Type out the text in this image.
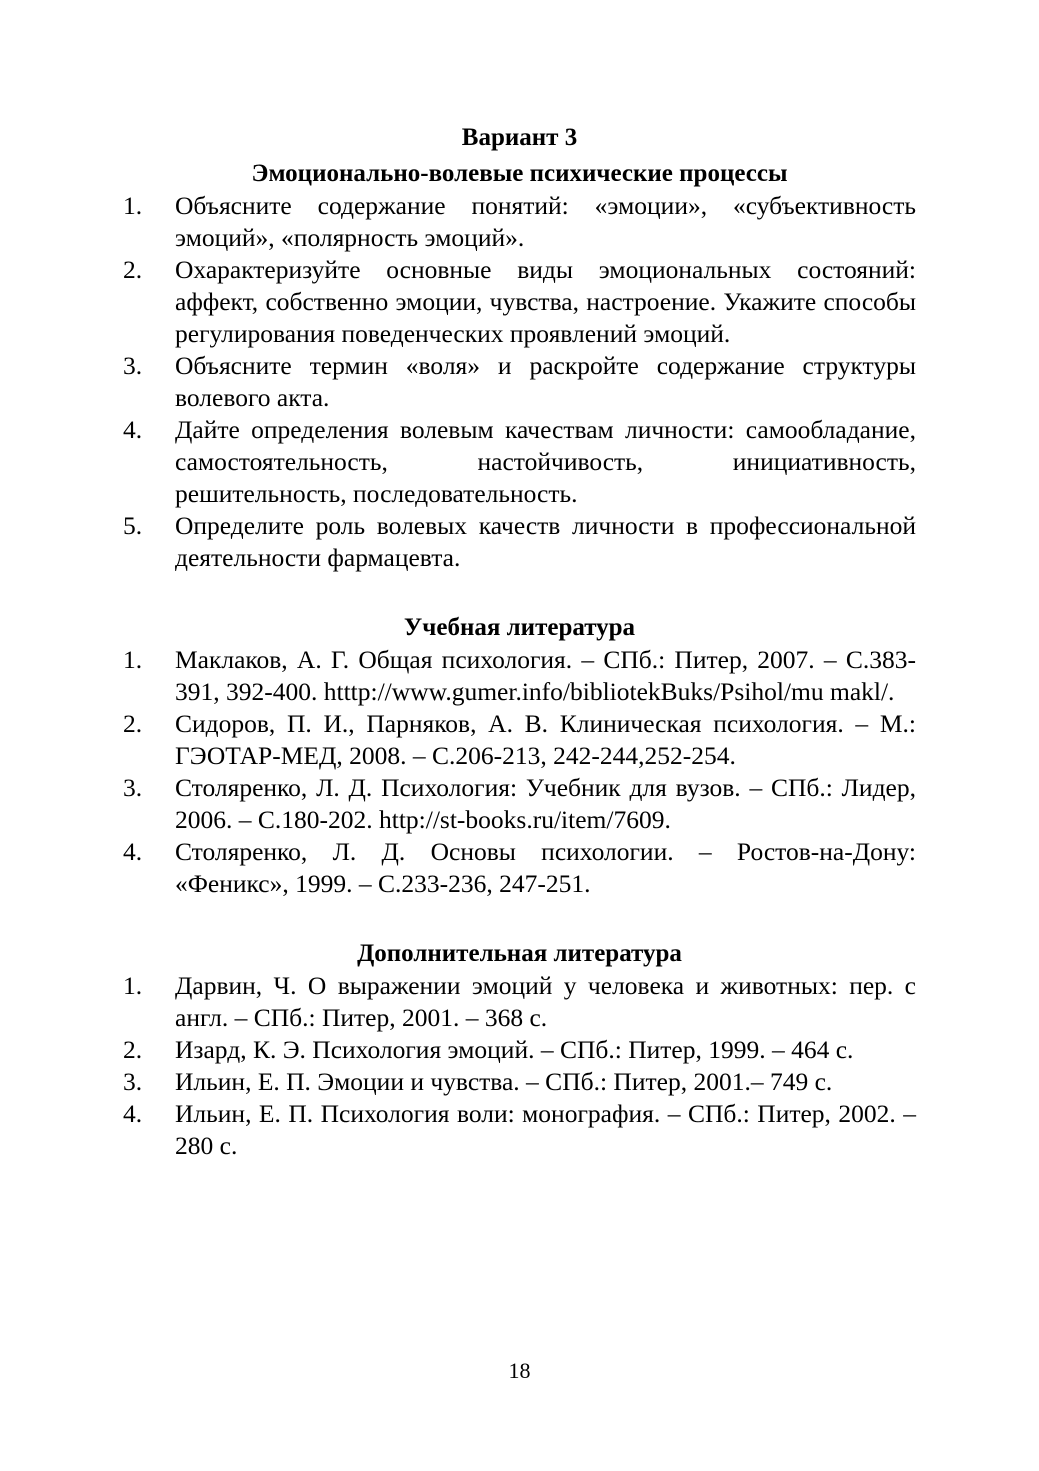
Вариант 3
Эмоционально-волевые психические процессы
1.	Объясните содержание понятий: «эмоции», «субъективность эмоций», «полярность эмоций».
2.	Охарактеризуйте основные виды эмоциональных состояний: аффект, собственно эмоции, чувства, настроение. Укажите способы регулирования поведенческих проявлений эмоций.
3.	Объясните термин «воля» и раскройте содержание структуры волевого акта.
4.	Дайте определения волевым качествам личности: самообладание, самостоятельность, настойчивость, инициативность, решительность, последовательность.
5.	Определите роль волевых качеств личности в профессиональной деятельности фармацевта.
Учебная литература
1.	Маклаков, А. Г. Общая психология. – СПб.: Питер, 2007. – С.383-391, 392-400. htttp://www.gumer.info/bibliotekBuks/Psihol/mu makl/.
2.	Сидоров, П. И., Парняков, А. В. Клиническая психология. – М.: ГЭОТАР-МЕД, 2008. – С.206-213, 242-244,252-254.
3.	Столяренко, Л. Д. Психология: Учебник для вузов. – СПб.: Лидер, 2006. – С.180-202. http://st-books.ru/item/7609.
4.	Столяренко, Л. Д. Основы психологии. – Ростов-на-Дону: «Феникс», 1999. – С.233-236, 247-251.
Дополнительная литература
1.	Дарвин, Ч. О выражении эмоций у человека и животных: пер. с англ. – СПб.: Питер, 2001. – 368 с.
2.	Изард, К. Э. Психология эмоций. – СПб.: Питер, 1999. – 464 с.
3.	Ильин, Е. П. Эмоции и чувства. – СПб.: Питер, 2001.– 749 с.
4.	Ильин, Е. П. Психология воли: монография. – СПб.: Питер, 2002. – 280 с.
18
